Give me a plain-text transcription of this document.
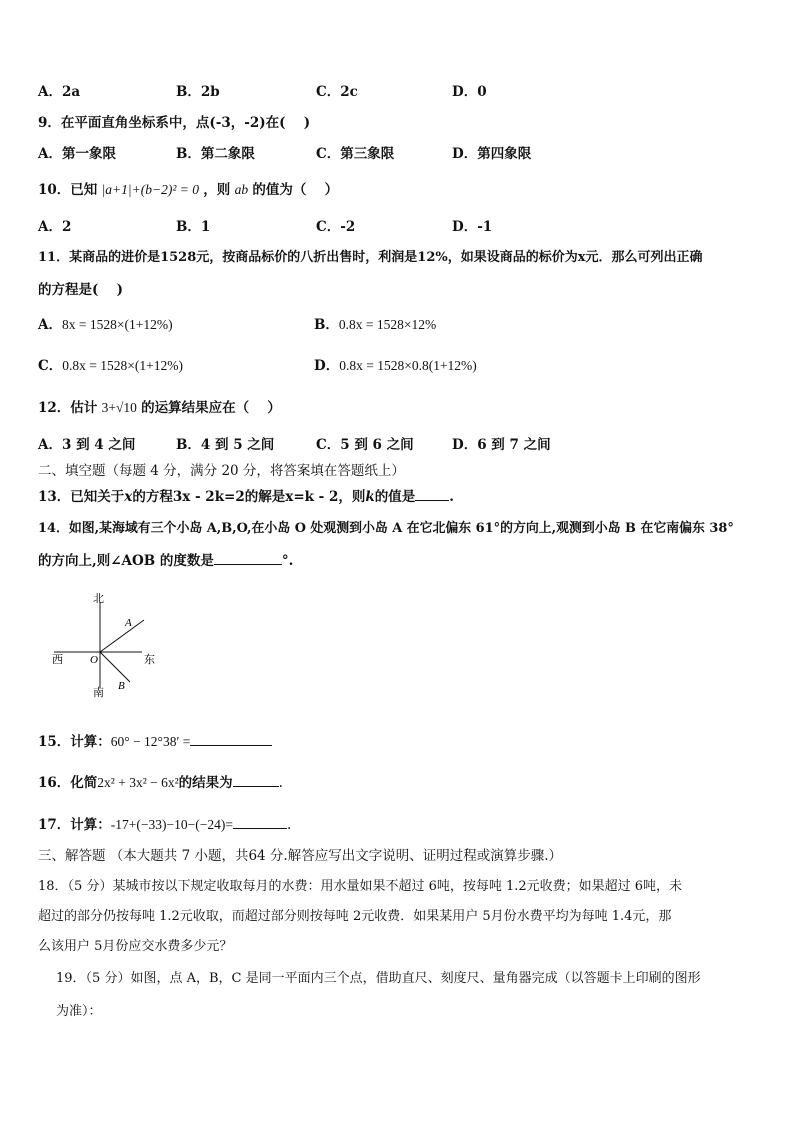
A．2a	B．2b	C．2c	D．0
9．在平面直角坐标系中，点(-3，-2)在(　 )
A．第一象限	B．第二象限	C．第三象限	D．第四象限
10．已知 |a+1|+(b−2)² = 0 ，则 ab 的值为（　 ）
A．2	B．1	C．-2	D．-1
11．某商品的进价是1528元，按商品标价的八折出售时，利润是12%，如果设商品的标价为x元．那么可列出正确
的方程是(　 )
A．8x = 1528×(1+12%)	B．0.8x = 1528×12%
C．0.8x = 1528×(1+12%)	D．0.8x = 1528×0.8(1+12%)
12．估计 3+√10 的运算结果应在（　 ）
A．3 到 4 之间	B．4 到 5 之间	C．5 到 6 之间	D．6 到 7 之间
二、填空题（每题 4 分，满分 20 分，将答案填在答题纸上）
13．已知关于x的方程3x - 2k=2的解是x=k - 2，则k的值是	.
14．如图,某海域有三个小岛 A,B,O,在小岛 O 处观测到小岛 A 在它北偏东 61°的方向上,观测到小岛 B 在它南偏东 38°
的方向上,则∠AOB 的度数是	°.
北
南
西	东
O
A
B
15．计算：60° − 12°38′ =
16．化简2x² + 3x² − 6x²的结果为	.
17．计算：-17+(−33)−10−(−24)=	.
三、解答题 （本大题共 7 小题，共64 分.解答应写出文字说明、证明过程或演算步骤.）
18．（5 分）某城市按以下规定收取每月的水费：用水量如果不超过 6吨，按每吨 1.2元收费；如果超过 6吨，未
超过的部分仍按每吨 1.2元收取，而超过部分则按每吨 2元收费．如果某用户 5月份水费平均为每吨 1.4元，那
么该用户 5月份应交水费多少元？
19．（5 分）如图，点 A，B，C 是同一平面内三个点，借助直尺、刻度尺、量角器完成（以答题卡上印刷的图形
为准）：
